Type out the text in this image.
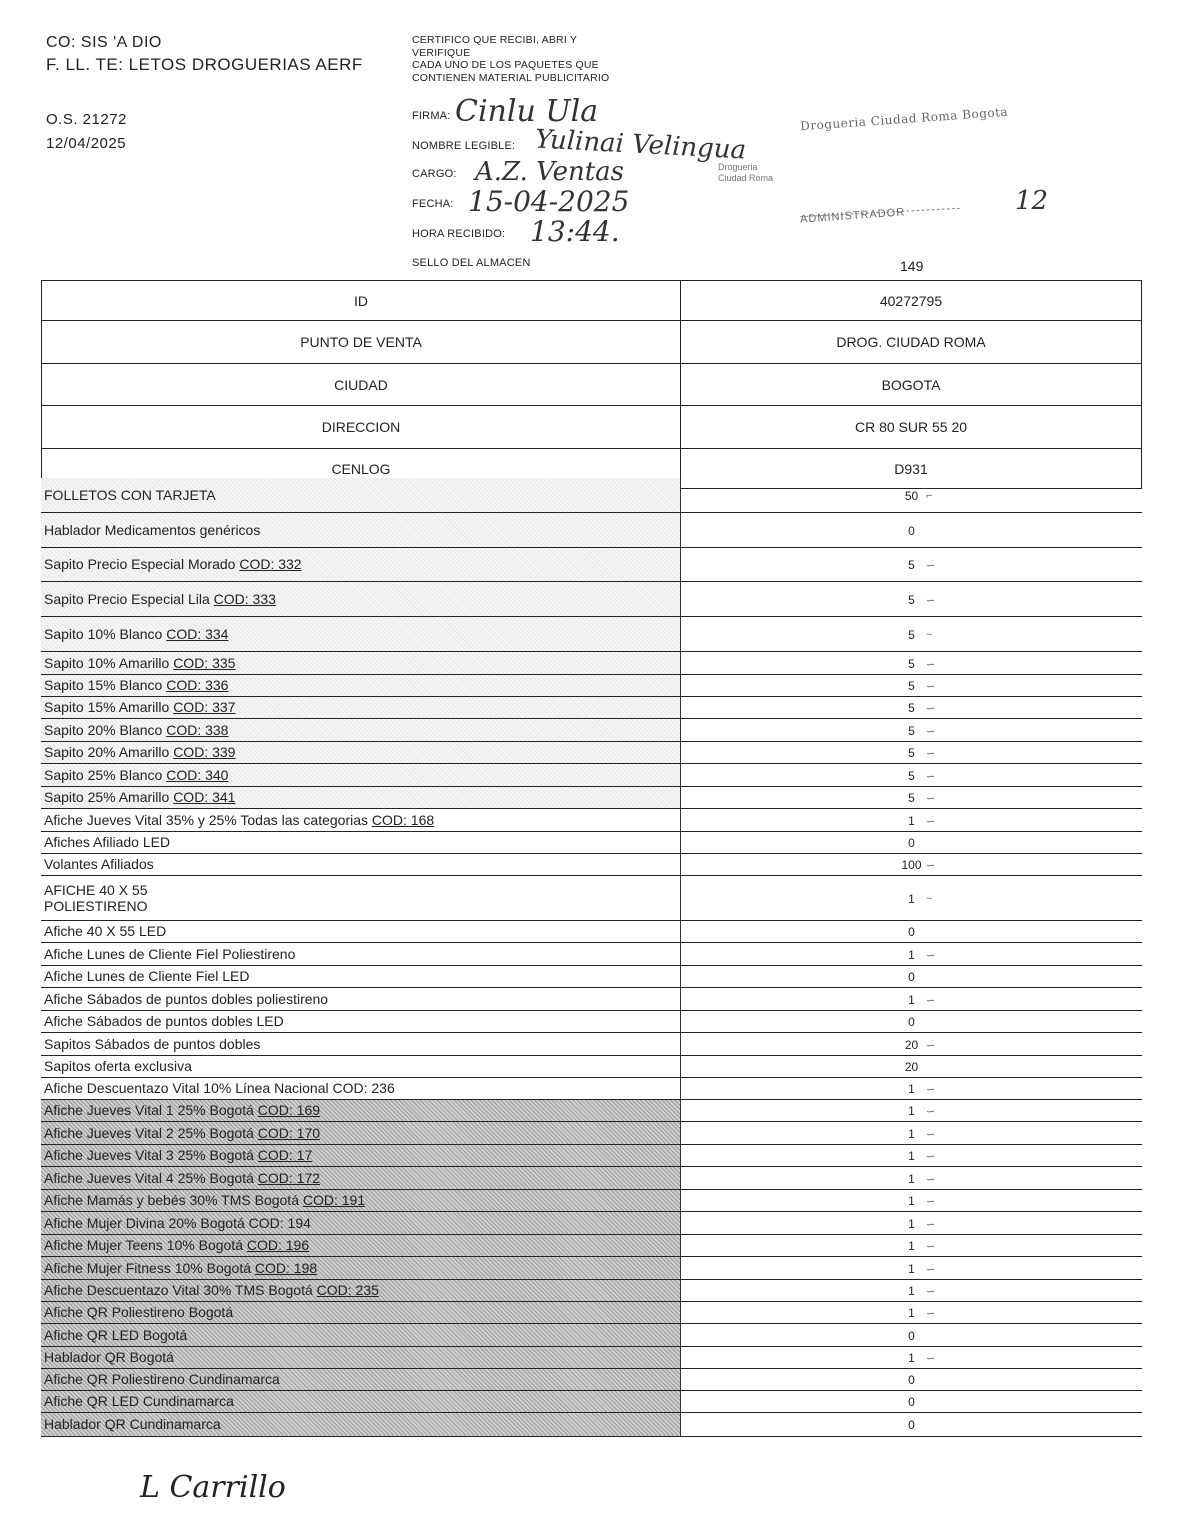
CO: SIS 'A DIO
F. LL. TE: LETOS DROGUERIAS AERF
O.S. 21272
12/04/2025
CERTIFICO QUE RECIBI, ABRI Y
VERIFIQUE
CADA UNO DE LOS PAQUETES QUE
CONTIENEN MATERIAL PUBLICITARIO
FIRMA: Cinlu Ula
NOMBRE LEGIBLE: Yulinai Velingua
CARGO: A.Z. Ventas
FECHA: 15-04-2025
HORA RECIBIDO: 13:44.
SELLO DEL ALMACEN
Drogueria Ciudad Roma Bogota
Drogueria
Ciudad Roma
ADMINISTRADOR	12
149
ID	40272795
PUNTO DE VENTA	DROG. CIUDAD ROMA
CIUDAD	BOGOTA
DIRECCION	CR 80 SUR 55 20
CENLOG	D931
FOLLETOS CON TARJETA	50 ⌐

Hablador Medicamentos genéricos	0
Sapito Precio Especial Morado COD: 332	5 ∽

Sapito Precio Especial Lila COD: 333	5 ∽

Sapito 10% Blanco COD: 334	5 ~

Sapito 10% Amarillo COD: 335	5 ∽

Sapito 15% Blanco COD: 336	5 ∽

Sapito 15% Amarillo COD: 337	5 ∽

Sapito 20% Blanco COD: 338	5 ∽

Sapito 20% Amarillo COD: 339	5 ∽

Sapito 25% Blanco COD: 340	5 ∽

Sapito 25% Amarillo COD: 341	5 ∽

Afiche Jueves Vital 35% y 25% Todas las categorias COD: 168	1 ∽

Afiches Afiliado LED	0
Volantes Afiliados	100 ∽

AFICHE 40 X 55
POLIESTIRENO	1 ~

Afiche 40 X 55 LED	0
Afiche Lunes de Cliente Fiel Poliestireno	1 ∽

Afiche Lunes de Cliente Fiel LED	0
Afiche Sábados de puntos dobles poliestireno	1 ∽

Afiche Sábados de puntos dobles LED	0
Sapitos Sábados de puntos dobles	20 ∽

Sapitos oferta exclusiva	20
Afiche Descuentazo Vital 10% Línea Nacional COD: 236	1 ∽

Afiche Jueves Vital 1 25% Bogotá COD: 169	1 ∽

Afiche Jueves Vital 2 25% Bogotá COD: 170	1 ∽

Afiche Jueves Vital 3 25% Bogotá COD: 17	1 ∽

Afiche Jueves Vital 4 25% Bogotá COD: 172	1 ∽

Afiche Mamás y bebés 30% TMS Bogotá COD: 191	1 ∽

Afiche Mujer Divina 20% Bogotá COD: 194	1 ∽

Afiche Mujer Teens 10% Bogotá COD: 196	1 ∽

Afiche Mujer Fitness 10% Bogotá COD: 198	1 ∽

Afiche Descuentazo Vital 30% TMS Bogotá COD: 235	1 ∽

Afiche QR Poliestireno Bogotá	1 ∽

Afiche QR LED Bogotá	0
Hablador QR Bogotá	1 ∽

Afiche QR Poliestireno Cundinamarca	0
Afiche QR LED Cundinamarca	0
Hablador QR Cundinamarca	0
L Carrillo
